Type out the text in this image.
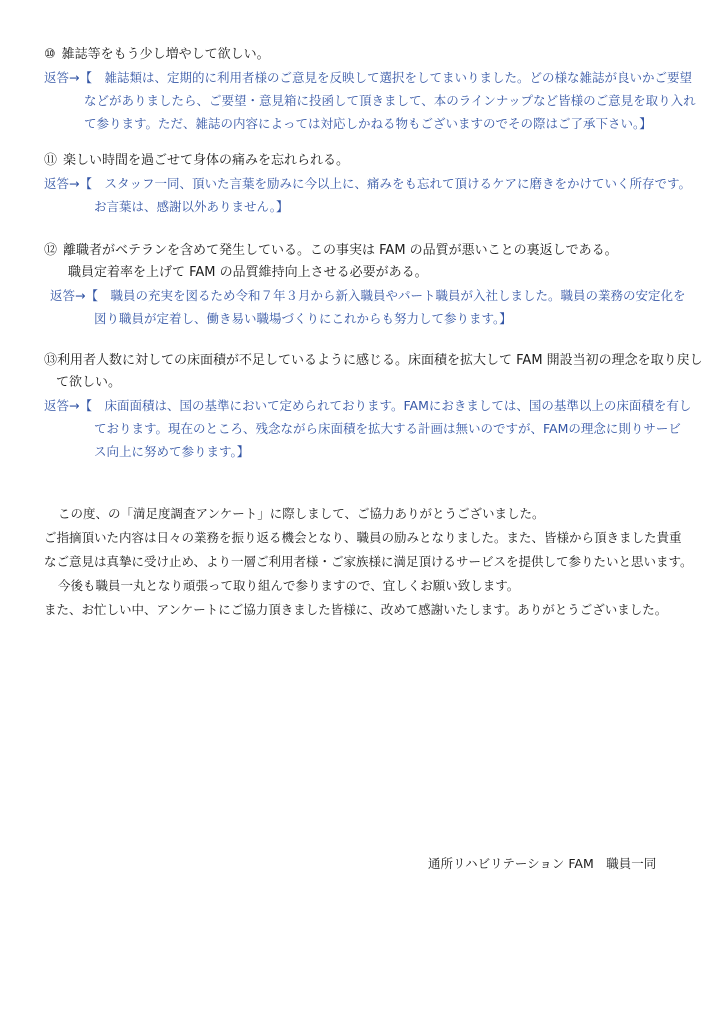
⑩ 雑誌等をもう少し増やして欲しい。
返答→【　雑誌類は、定期的に利用者様のご意見を反映して選択をしてまいりました。どの様な雑誌が良いかご要望
などがありましたら、ご要望・意見箱に投函して頂きまして、本のラインナップなど皆様のご意見を取り入れ
て参ります。ただ、雑誌の内容によっては対応しかねる物もございますのでその際はご了承下さい。】
⑪ 楽しい時間を過ごせて身体の痛みを忘れられる。
返答→【　スタッフ一同、頂いた言葉を励みに今以上に、痛みをも忘れて頂けるケアに磨きをかけていく所存です。
お言葉は、感謝以外ありません。】
⑫ 離職者がベテランを含めて発生している。この事実は FAM の品質が悪いことの裏返しである。
職員定着率を上げて FAM の品質維持向上させる必要がある。
返答→【　職員の充実を図るため令和７年３月から新入職員やパート職員が入社しました。職員の業務の安定化を
図り職員が定着し、働き易い職場づくりにこれからも努力して参ります。】
⑬利用者人数に対しての床面積が不足しているように感じる。床面積を拡大して FAM 開設当初の理念を取り戻し
て欲しい。
返答→【　床面面積は、国の基準において定められております。FAMにおきましては、国の基準以上の床面積を有し
ております。現在のところ、残念ながら床面積を拡大する計画は無いのですが、FAMの理念に則りサービ
ス向上に努めて参ります。】
この度、の「満足度調査アンケート」に際しまして、ご協力ありがとうございました。
ご指摘頂いた内容は日々の業務を振り返る機会となり、職員の励みとなりました。また、皆様から頂きました貴重
なご意見は真摯に受け止め、より一層ご利用者様・ご家族様に満足頂けるサービスを提供して参りたいと思います。
今後も職員一丸となり頑張って取り組んで参りますので、宜しくお願い致します。
また、お忙しい中、アンケートにご協力頂きました皆様に、改めて感謝いたします。ありがとうございました。
通所リハビリテーション FAM　職員一同
